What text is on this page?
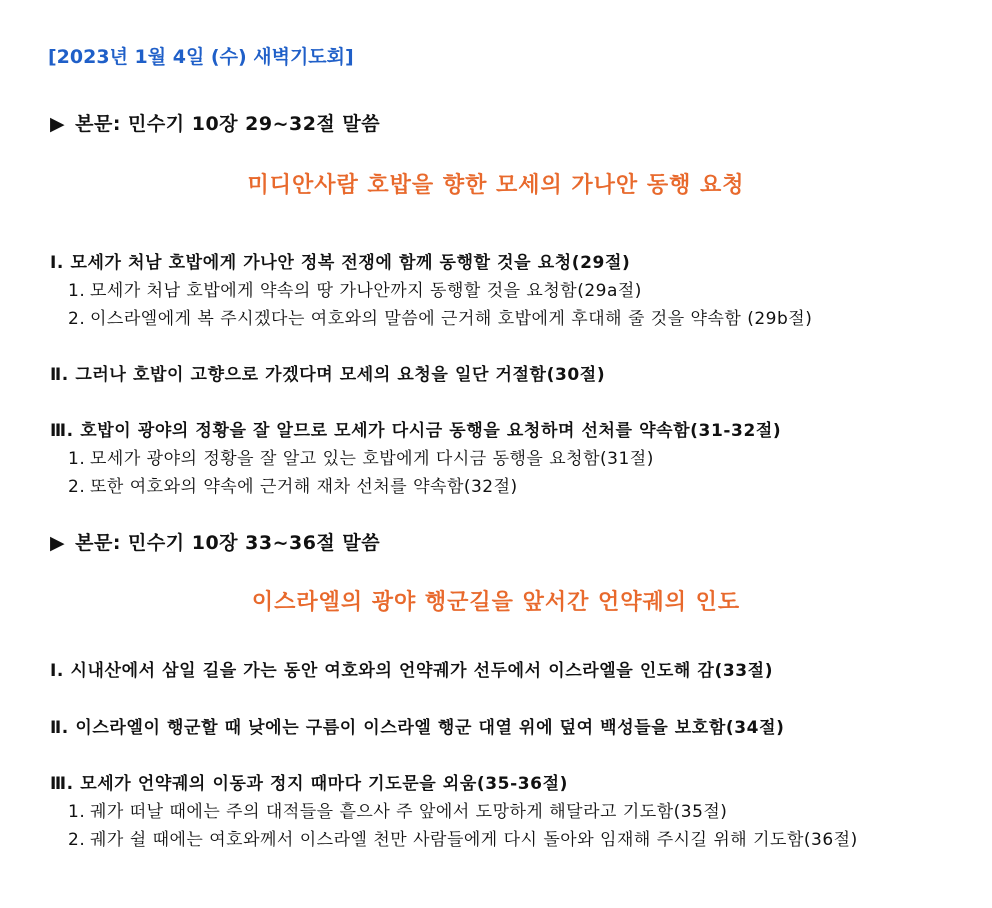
[2023년 1월 4일 (수) 새벽기도회]
▶ 본문: 민수기 10장 29~32절 말씀
미디안사람 호밥을 향한 모세의 가나안 동행 요청
Ⅰ. 모세가 처남 호밥에게 가나안 정복 전쟁에 함께 동행할 것을 요청(29절)
1. 모세가 처남 호밥에게 약속의 땅 가나안까지 동행할 것을 요청함(29a절)
2. 이스라엘에게 복 주시겠다는 여호와의 말씀에 근거해 호밥에게 후대해 줄 것을 약속함 (29b절)
Ⅱ. 그러나 호밥이 고향으로 가겠다며 모세의 요청을 일단 거절함(30절)
Ⅲ. 호밥이 광야의 정황을 잘 알므로 모세가 다시금 동행을 요청하며 선처를 약속함(31-32절)
1. 모세가 광야의 정황을 잘 알고 있는 호밥에게 다시금 동행을 요청함(31절)
2. 또한 여호와의 약속에 근거해 재차 선처를 약속함(32절)
▶ 본문: 민수기 10장 33~36절 말씀
이스라엘의 광야 행군길을 앞서간 언약궤의 인도
Ⅰ. 시내산에서 삼일 길을 가는 동안 여호와의 언약궤가 선두에서 이스라엘을 인도해 감(33절)
Ⅱ. 이스라엘이 행군할 때 낮에는 구름이 이스라엘 행군 대열 위에 덮여 백성들을 보호함(34절)
Ⅲ. 모세가 언약궤의 이동과 정지 때마다 기도문을 외움(35-36절)
1. 궤가 떠날 때에는 주의 대적들을 흩으사 주 앞에서 도망하게 해달라고 기도함(35절)
2. 궤가 쉴 때에는 여호와께서 이스라엘 천만 사람들에게 다시 돌아와 임재해 주시길 위해 기도함(36절)
